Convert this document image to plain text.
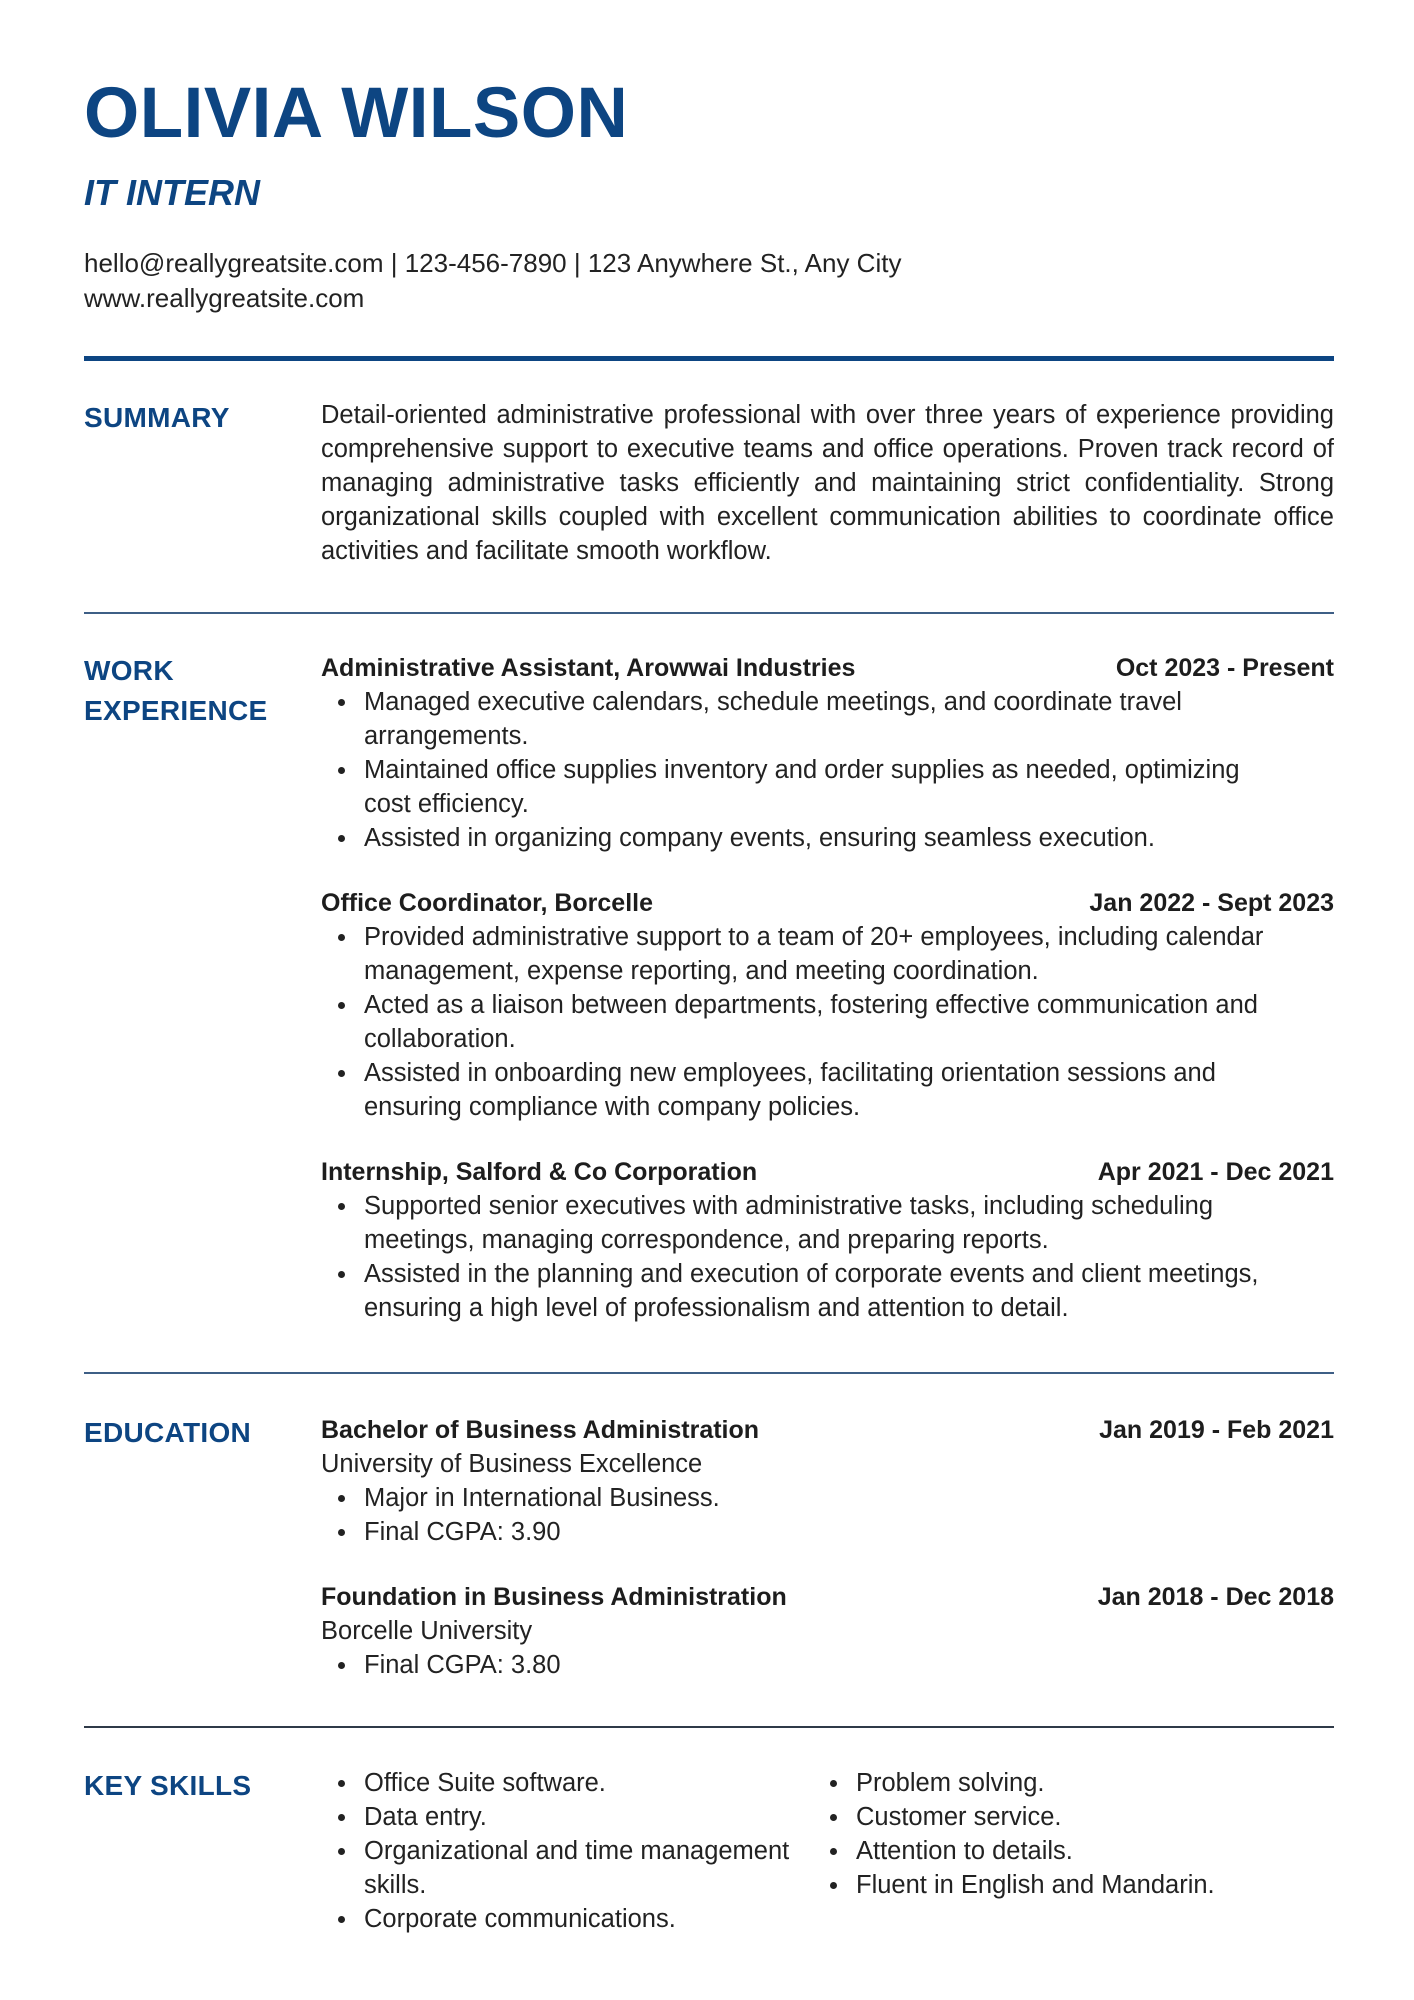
OLIVIA WILSON
IT INTERN
hello@reallygreatsite.com | 123-456-7890 | 123 Anywhere St., Any City
www.reallygreatsite.com
SUMMARY	Detail-oriented administrative professional with over three years of experience providing comprehensive support to executive teams and office operations. Proven track record of managing administrative tasks efficiently and maintaining strict confidentiality. Strong organizational skills coupled with excellent communication abilities to coordinate office activities and facilitate smooth workflow.

WORK
EXPERIENCE
Administrative Assistant, Arowwai Industries	Oct 2023 - Present
Managed executive calendars, schedule meetings, and coordinate travel arrangements.
Maintained office supplies inventory and order supplies as needed, optimizing cost efficiency.
Assisted in organizing company events, ensuring seamless execution.
Office Coordinator, Borcelle	Jan 2022 - Sept 2023
Provided administrative support to a team of 20+ employees, including calendar management, expense reporting, and meeting coordination.
Acted as a liaison between departments, fostering effective communication and collaboration.
Assisted in onboarding new employees, facilitating orientation sessions and ensuring compliance with company policies.
Internship, Salford & Co Corporation	Apr 2021 - Dec 2021
Supported senior executives with administrative tasks, including scheduling meetings, managing correspondence, and preparing reports.
Assisted in the planning and execution of corporate events and client meetings, ensuring a high level of professionalism and attention to detail.
EDUCATION	Bachelor of Business Administration	Jan 2019 - Feb 2021
University of Business Excellence
Major in International Business.
Final CGPA: 3.90
Foundation in Business Administration	Jan 2018 - Dec 2018
Borcelle University
Final CGPA: 3.80
KEY SKILLS	Office Suite software.
Data entry.
Organizational and time management skills.
Corporate communications.
Problem solving.
Customer service.
Attention to details.
Fluent in English and Mandarin.
